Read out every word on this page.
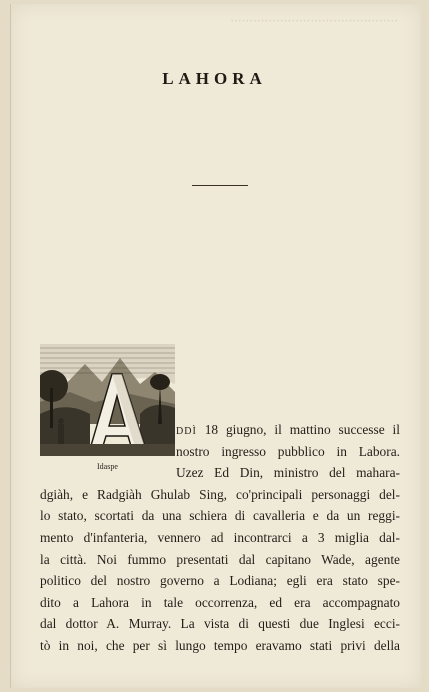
············································
LAHORA
Idaspe
DDÌ 18 giugno, il mattino successe il
nostro ingresso pubblico in Labora.
Uzez Ed Din, ministro del mahara-
dgiàh, e Radgiàh Ghulab Sing, co'principali personaggi del-
lo stato, scortati da una schiera di cavalleria e da un reggi-
mento d'infanteria, vennero ad incontrarci a 3 miglia dal-
la città. Noi fummo presentati dal capitano Wade, agente
politico del nostro governo a Lodiana; egli era stato spe-
dito a Lahora in tale occorrenza, ed era accompagnato
dal dottor A. Murray. La vista di questi due Inglesi ecci-
tò in noi, che per sì lungo tempo eravamo stati privi della
